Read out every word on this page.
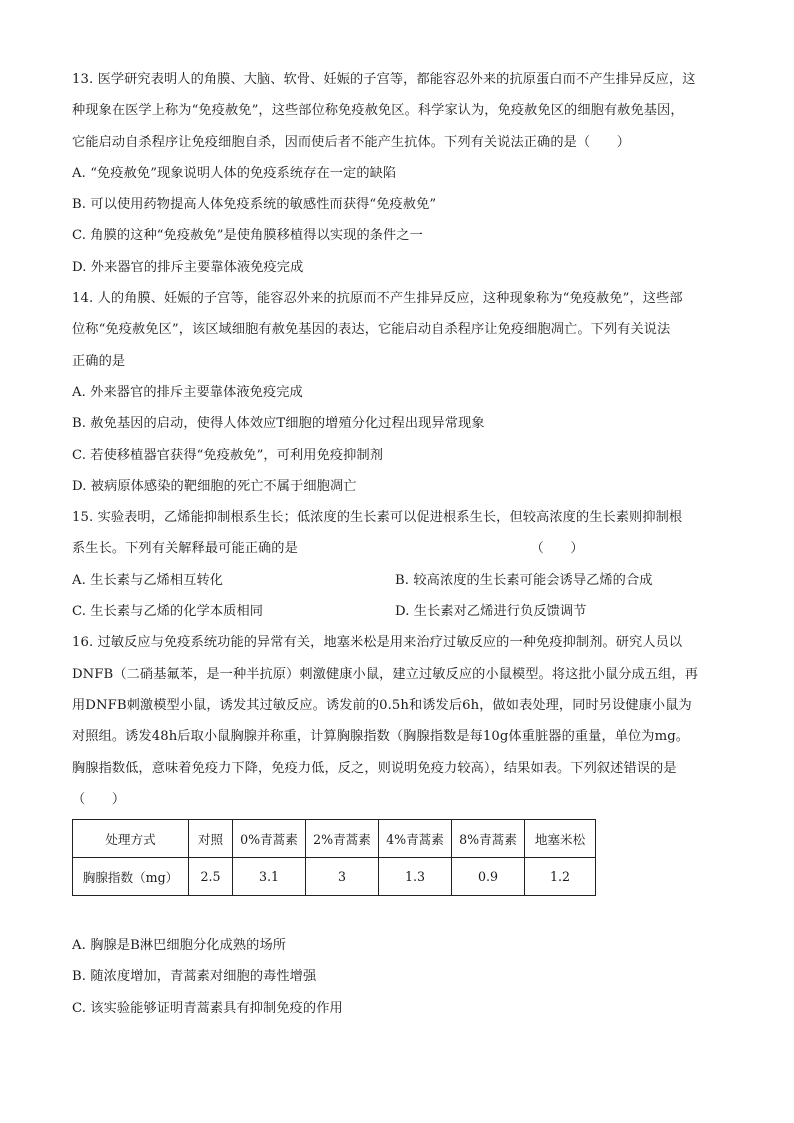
13. 医学研究表明人的角膜、大脑、软骨、妊娠的子宫等，都能容忍外来的抗原蛋白而不产生排异反应，这
种现象在医学上称为“免疫赦免”，这些部位称免疫赦免区。科学家认为，免疫赦免区的细胞有赦免基因，
它能启动自杀程序让免疫细胞自杀，因而使后者不能产生抗体。下列有关说法正确的是（　　）
A. “免疫赦免”现象说明人体的免疫系统存在一定的缺陷
B. 可以使用药物提高人体免疫系统的敏感性而获得“免疫赦免”
C. 角膜的这种“免疫赦免”是使角膜移植得以实现的条件之一
D. 外来器官的排斥主要靠体液免疫完成
14. 人的角膜、妊娠的子宫等，能容忍外来的抗原而不产生排异反应，这种现象称为“免疫赦免”，这些部
位称“免疫赦免区”，该区域细胞有赦免基因的表达，它能启动自杀程序让免疫细胞凋亡。下列有关说法
正确的是
A. 外来器官的排斥主要靠体液免疫完成
B. 赦免基因的启动，使得人体效应T细胞的增殖分化过程出现异常现象
C. 若使移植器官获得“免疫赦免”，可利用免疫抑制剂
D. 被病原体感染的靶细胞的死亡不属于细胞凋亡
15. 实验表明，乙烯能抑制根系生长；低浓度的生长素可以促进根系生长，但较高浓度的生长素则抑制根
系生长。下列有关解释最可能正确的是　　　　　　　　　　　　　　　　　　（　　）
A. 生长素与乙烯相互转化	B. 较高浓度的生长素可能会诱导乙烯的合成
C. 生长素与乙烯的化学本质相同	D. 生长素对乙烯进行负反馈调节
16. 过敏反应与免疫系统功能的异常有关，地塞米松是用来治疗过敏反应的一种免疫抑制剂。研究人员以
DNFB（二硝基氟苯，是一种半抗原）刺激健康小鼠，建立过敏反应的小鼠模型。将这批小鼠分成五组，再
用DNFB刺激模型小鼠，诱发其过敏反应。诱发前的0.5h和诱发后6h，做如表处理，同时另设健康小鼠为
对照组。诱发48h后取小鼠胸腺并称重，计算胸腺指数（胸腺指数是每10g体重脏器的重量，单位为mg。
胸腺指数低，意味着免疫力下降，免疫力低，反之，则说明免疫力较高），结果如表。下列叙述错误的是
（　　）
处理方式	对照	0%青蒿素	2%青蒿素	4%青蒿素	8%青蒿素	地塞米松
胸腺指数（mg）	2.5	3.1	3	1.3	0.9	1.2
A. 胸腺是B淋巴细胞分化成熟的场所
B. 随浓度增加，青蒿素对细胞的毒性增强
C. 该实验能够证明青蒿素具有抑制免疫的作用
